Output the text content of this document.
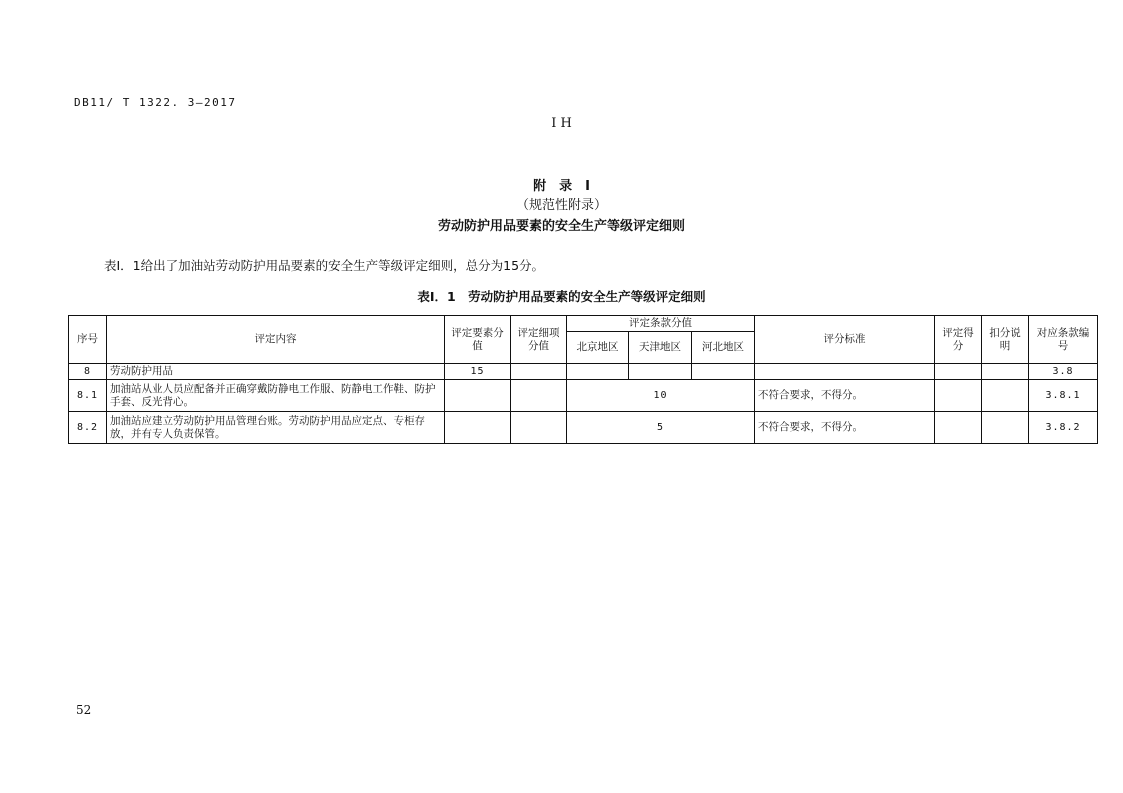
DB11/ T 1322. 3—2017
I H
附　录　I
（规范性附录）
劳动防护用品要素的安全生产等级评定细则
表I．1给出了加油站劳动防护用品要素的安全生产等级评定细则，总分为15分。
表I．1　劳动防护用品要素的安全生产等级评定细则
序号	评定内容	评定要素分值	评定细项分值	评定条款分值			评分标准	评定得分	扣分说明	对应条款编号
				北京地区	天津地区	河北地区				
8	劳动防护用品	15								3.8
8.1	加油站从业人员应配备并正确穿戴防静电工作服、防静电工作鞋、防护手套、反光背心。			10			不符合要求，不得分。			3.8.1
8.2	加油站应建立劳动防护用品管理台账。劳动防护用品应定点、专柜存放，并有专人负责保管。			5			不符合要求，不得分。			3.8.2
52
